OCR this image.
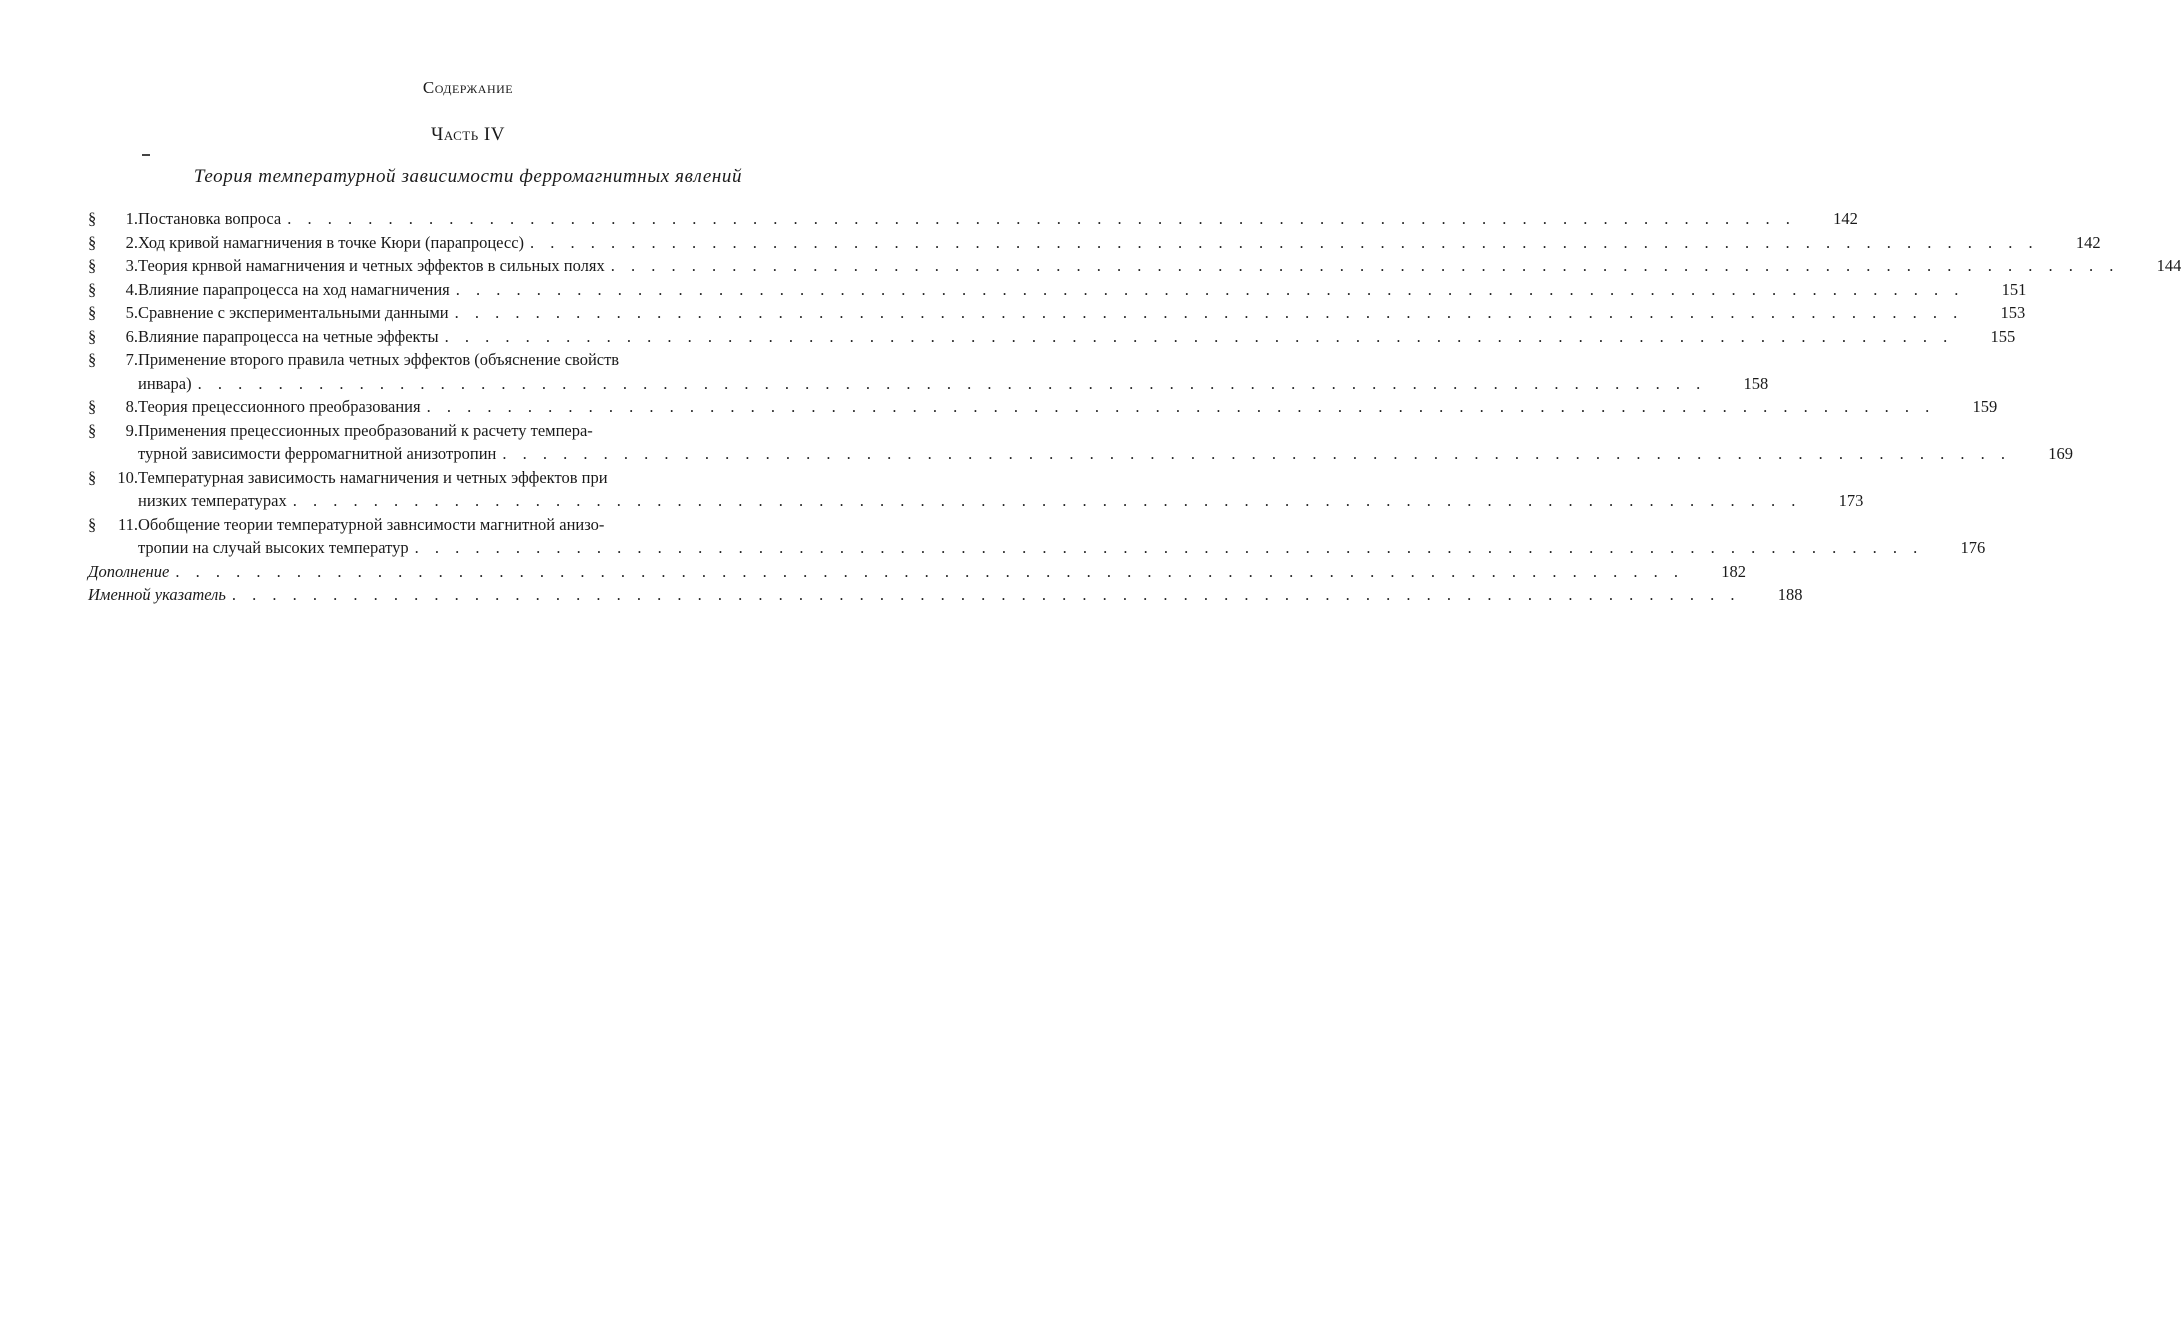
Содержание
Часть IV
Теория температурной зависимости ферромагнитных явлений
§ 1. Постановка вопроса . . . . . . . . . . . . . . . . . . . . . . . . . . . . . . . . . . . . . . . . . . . . . . . . . . . . . . . . . . . . . . . . . . . . . . . . . . .	142
§ 2. Ход кривой намагничения в точке Кюри (парапроцесс) . . . . . . . . . . . . . . . . . . . . . . . . . . . . . . . . . . . . . . . . . . . . . . . . . . . . . . . . . . . . . . . . . . . . . . . . . . .	142
§ 3. Теория крнвой намагничения и четных эффектов в сильных полях . . . . . . . . . . . . . . . . . . . . . . . . . . . . . . . . . . . . . . . . . . . . . . . . . . . . . . . . . . . . . . . . . . . . . . . . . . .	144
§ 4. Влияние парапроцесса на ход намагничения . . . . . . . . . . . . . . . . . . . . . . . . . . . . . . . . . . . . . . . . . . . . . . . . . . . . . . . . . . . . . . . . . . . . . . . . . . .	151
§ 5. Сравнение с экспериментальными данными . . . . . . . . . . . . . . . . . . . . . . . . . . . . . . . . . . . . . . . . . . . . . . . . . . . . . . . . . . . . . . . . . . . . . . . . . . .	153
§ 6. Влияние парапроцесса на четные эффекты . . . . . . . . . . . . . . . . . . . . . . . . . . . . . . . . . . . . . . . . . . . . . . . . . . . . . . . . . . . . . . . . . . . . . . . . . . .	155
§ 7. Применение второго правила четных эффектов (объяснение свойств
инвара) . . . . . . . . . . . . . . . . . . . . . . . . . . . . . . . . . . . . . . . . . . . . . . . . . . . . . . . . . . . . . . . . . . . . . . . . . . .	158
§ 8. Теория прецессионного преобразования . . . . . . . . . . . . . . . . . . . . . . . . . . . . . . . . . . . . . . . . . . . . . . . . . . . . . . . . . . . . . . . . . . . . . . . . . . .	159
§ 9. Применения прецессионных преобразований к расчету темпера-
турной зависимости ферромагнитной анизотропин . . . . . . . . . . . . . . . . . . . . . . . . . . . . . . . . . . . . . . . . . . . . . . . . . . . . . . . . . . . . . . . . . . . . . . . . . . .	169
§ 10. Температурная зависимость намагничения и четных эффектов при
низких температурах . . . . . . . . . . . . . . . . . . . . . . . . . . . . . . . . . . . . . . . . . . . . . . . . . . . . . . . . . . . . . . . . . . . . . . . . . . .	173
§ 11. Обобщение теории температурной завнсимости магнитной анизо-
тропии на случай высоких температур . . . . . . . . . . . . . . . . . . . . . . . . . . . . . . . . . . . . . . . . . . . . . . . . . . . . . . . . . . . . . . . . . . . . . . . . . . .	176
Дополнение . . . . . . . . . . . . . . . . . . . . . . . . . . . . . . . . . . . . . . . . . . . . . . . . . . . . . . . . . . . . . . . . . . . . . . . . . . .	182
Именной указатель . . . . . . . . . . . . . . . . . . . . . . . . . . . . . . . . . . . . . . . . . . . . . . . . . . . . . . . . . . . . . . . . . . . . . . . . . . .	188
